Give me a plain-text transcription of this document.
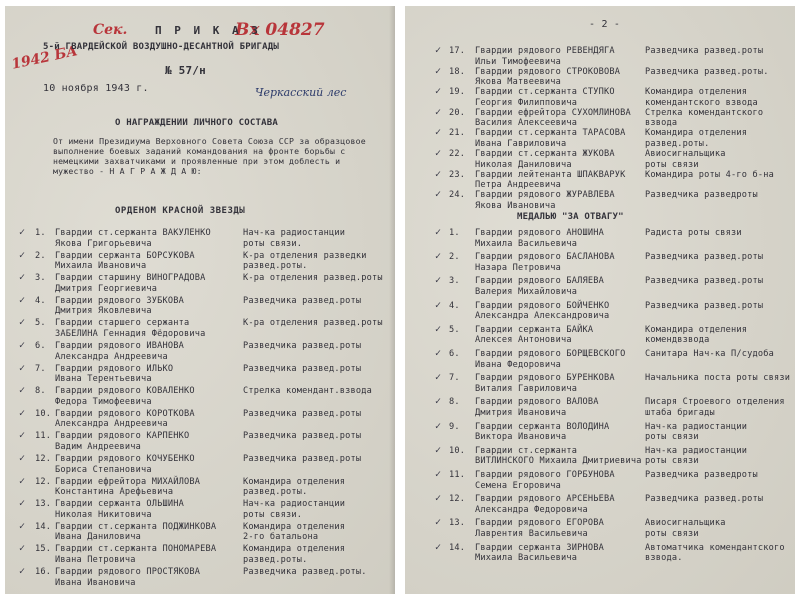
Сек.	Вх 04827
1942 БА
П Р И К А З
5-й ГВАРДЕЙСКОЙ ВОЗДУШНО-ДЕСАНТНОЙ БРИГАДЫ
№ 57/н
10 ноября 1943 г.	Черкасский лес
О НАГРАЖДЕНИИ ЛИЧНОГО СОСТАВА
От имени Президиума Верховного Совета Союза ССР за образцовое выполнение боевых заданий командования на фронте борьбы с немецкими захватчиками и проявленные при этом доблесть и мужество - Н А Г Р А Ж Д А Ю:
ОРДЕНОМ КРАСНОЙ ЗВЕЗДЫ
✓ 1. Гвардии ст.сержанта ВАКУЛЕНКО
Якова Григорьевича
Нач-ка радиостанции
роты связи.
✓ 2. Гвардии сержанта БОРСУКОВА
Михаила Ивановича
К-ра отделения разведки
развед.роты.
✓ 3. Гвардии старшину ВИНОГРАДОВА
Дмитрия Георгиевича
К-ра отделения развед.роты
✓ 4. Гвардии рядового ЗУБКОВА
Дмитрия Яковлевича
Разведчика развед.роты
✓ 5. Гвардии старшего сержанта
ЗАБЕЛИНА Геннадия Фёдоровича
К-ра отделения развед.роты
✓ 6. Гвардии рядового ИВАНОВА
Александра Андреевича
Разведчика развед.роты
✓ 7. Гвардии рядового ИЛЬКО
Ивана Терентьевича
Разведчика развед.роты
✓ 8. Гвардии рядового КОВАЛЕНКО
Федора Тимофеевича
Стрелка комендант.взвода
✓ 10. Гвардии рядового КОРОТКОВА
Александра Андреевича
Разведчика развед.роты
✓ 11. Гвардии рядового КАРПЕНКО
Вадим Андреевича
Разведчика развед.роты
✓ 12. Гвардии рядового КОЧУБЕНКО
Бориса Степановича
Разведчика развед.роты
✓ 12. Гвардии ефрейтора МИХАЙЛОВА
Константина Арефьевича
Командира отделения
развед.роты.
✓ 13. Гвардии сержанта ОЛЬШИНА
Николая Никитовича
Нач-ка радиостанции
роты связи.
✓ 14. Гвардии ст.сержанта ПОДЖИНКОВА
Ивана Даниловича
Командира отделения
2-го батальона
✓ 15. Гвардии ст.сержанта ПОНОМАРЕВА
Ивана Петровича
Командира отделения
развед.роты.
✓ 16. Гвардии рядового ПРОСТЯКОВА
Ивана Ивановича
Разведчика развед.роты.
- 2 -
✓ 17. Гвардии рядового РЕВЕНДЯГА
Ильи Тимофеевича
Разведчика развед.роты
✓ 18. Гвардии рядового СТРОКОВОВА
Якова Матвеевича
Разведчика развед.роты.
✓ 19. Гвардии ст.сержанта СТУПКО
Георгия Филипповича
Командира отделения
комендантского взвода
✓ 20. Гвардии ефрейтора СУХОМЛИНОВА
Василия Алексеевича
Стрелка комендантского
взвода
✓ 21. Гвардии ст.сержанта ТАРАСОВА
Ивана Гавриловича
Командира отделения
развед.роты.
✓ 22. Гвардии ст.сержанта ЖУКОВА
Николая Даниловича
Авиосигнальщика
роты связи
✓ 23. Гвардии лейтенанта ШПАКВАРУК
Петра Андреевича
Командира роты 4-го б-на
✓ 24. Гвардии рядового ЖУРАВЛЕВА
Якова Ивановича
Разведчика разведроты
МЕДАЛЬЮ "ЗА ОТВАГУ"
✓ 1. Гвардии рядового АНОШИНА
Михаила Васильевича
Радиста роты связи
✓ 2. Гвардии рядового БАСЛАНОВА
Назара Петровича
Разведчика развед.роты
✓ 3. Гвардии рядового БАЛЯЕВА
Валерия Михайловича
Разведчика развед.роты
✓ 4. Гвардии рядового БОЙЧЕНКО
Александра Александровича
Разведчика развед.роты
✓ 5. Гвардии сержанта БАЙКА
Алексея Антоновича
Командира отделения
комендвзвода
✓ 6. Гвардии рядового БОРЩЕВСКОГО
Ивана Федоровича
Санитара Нач-ка П/судоба
✓ 7. Гвардии рядового БУРЕНКОВА
Виталия Гавриловича
Начальника поста роты связи
✓ 8. Гвардии рядового ВАЛОВА
Дмитрия Ивановича
Писаря Строевого отделения
штаба бригады
✓ 9. Гвардии сержанта ВОЛОДИНА
Виктора Ивановича
Нач-ка радиостанции
роты связи
✓ 10. Гвардии ст.сержанта
ВИТЛИНСКОГО Михаила Дмитриевича
Нач-ка радиостанции
роты связи
✓ 11. Гвардии рядового ГОРБУНОВА
Семена Егоровича
Разведчика разведроты
✓ 12. Гвардии рядового АРСЕНЬЕВА
Александра Федоровича
Разведчика развед.роты
✓ 13. Гвардии рядового ЕГОРОВА
Лаврентия Васильевича
Авиосигнальщика
роты связи
✓ 14. Гвардии сержанта ЗИРНОВА
Михаила Васильевича
Автоматчика комендантского
взвода.
